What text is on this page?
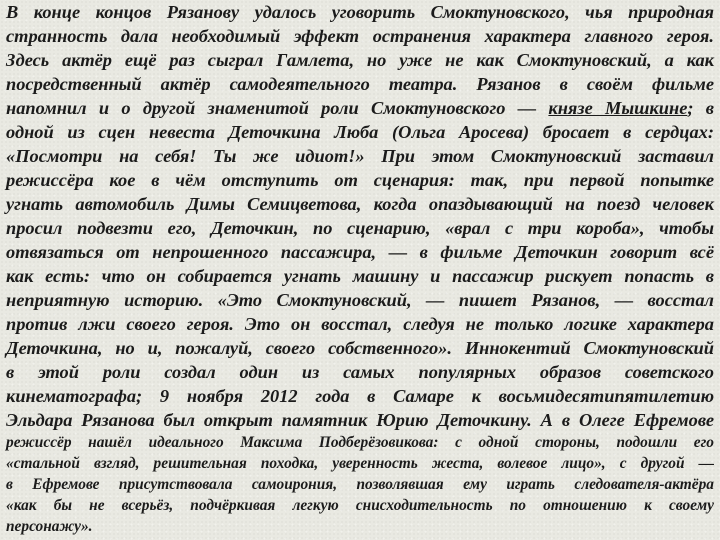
В конце концов Рязанову удалось уговорить Смоктуновского, чья природная
странность дала необходимый эффект остранения характера главного героя.
Здесь актёр ещё раз сыграл Гамлета, но уже не как Смоктуновский, а как
посредственный актёр самодеятельного театра. Рязанов в своём фильме
напомнил и о другой знаменитой роли Смоктуновского — князе Мышкине; в
одной из сцен невеста Деточкина Люба (Ольга Аросева) бросает в сердцах:
«Посмотри на себя! Ты же идиот!» При этом Смоктуновский заставил
режиссёра кое в чём отступить от сценария: так, при первой попытке
угнать автомобиль Димы Семицветова, когда опаздывающий на поезд человек
просил подвезти его, Деточкин, по сценарию, «врал с три короба», чтобы
отвязаться от непрошенного пассажира, — в фильме Деточкин говорит всё
как есть: что он собирается угнать машину и пассажир рискует попасть в
неприятную историю. «Это Смоктуновский, — пишет Рязанов, — восстал
против лжи своего героя. Это он восстал, следуя не только логике характера
Деточкина, но и, пожалуй, своего собственного». Иннокентий Смоктуновский
в этой роли создал один из самых популярных образов советского
кинематографа; 9 ноября 2012 года в Самаре к восьмидесятипятилетию
Эльдара Рязанова был открыт памятник Юрию Деточкину. А в Олеге Ефремове
режиссёр нашёл идеального Максима Подберёзовикова: с одной стороны, подошли его
«стальной взгляд, решительная походка, уверенность жеста, волевое лицо», с другой —
в Ефремове присутствовала самоирония, позволявшая ему играть следователя-актёра
«как бы не всерьёз, подчёркивая легкую снисходительность по отношению к своему
персонажу».
